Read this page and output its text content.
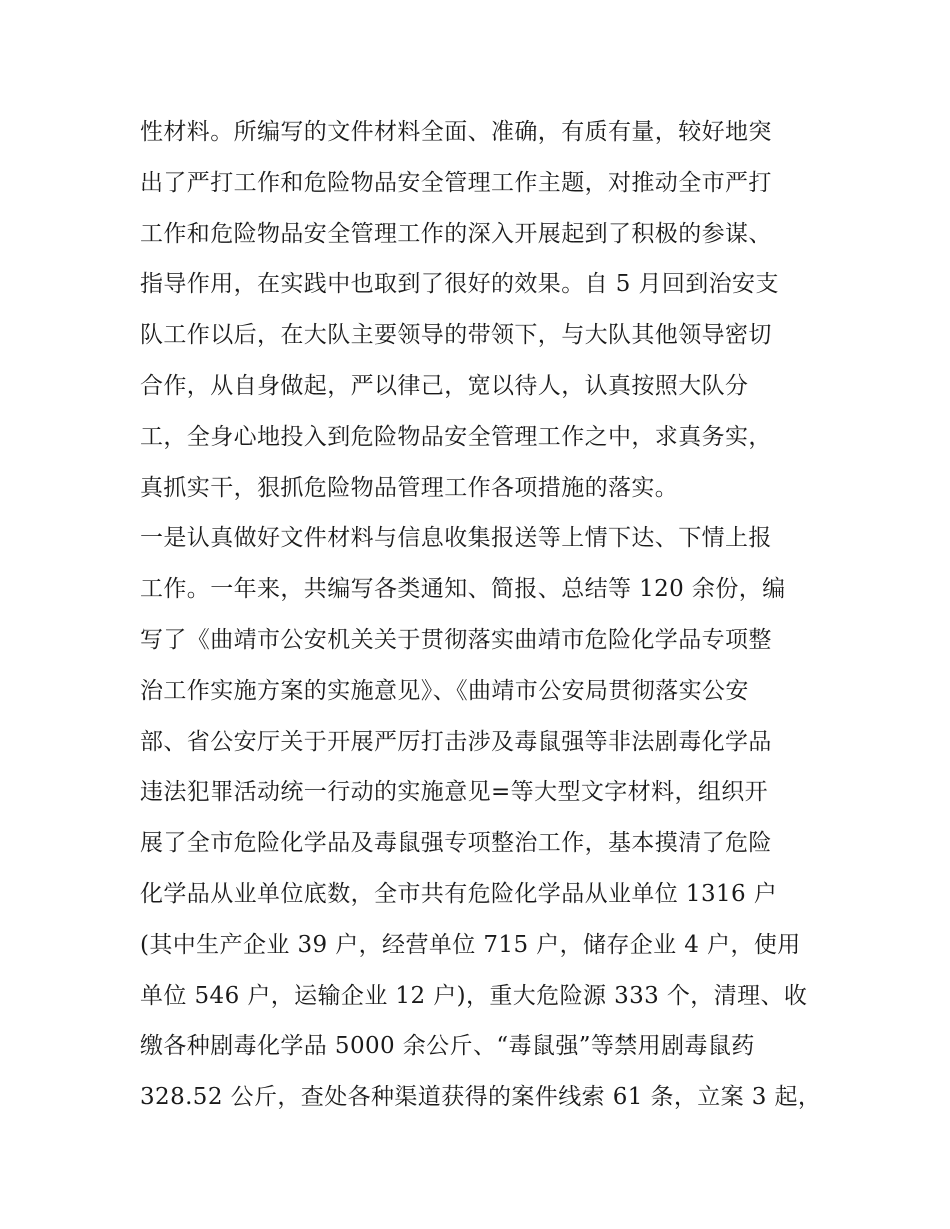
性材料。所编写的文件材料全面、准确，有质有量，较好地突
出了严打工作和危险物品安全管理工作主题，对推动全市严打
工作和危险物品安全管理工作的深入开展起到了积极的参谋、
指导作用，在实践中也取到了很好的效果。自 5 月回到治安支
队工作以后，在大队主要领导的带领下，与大队其他领导密切
合作，从自身做起，严以律己，宽以待人，认真按照大队分
工，全身心地投入到危险物品安全管理工作之中，求真务实，
真抓实干，狠抓危险物品管理工作各项措施的落实。
一是认真做好文件材料与信息收集报送等上情下达、下情上报
工作。一年来，共编写各类通知、简报、总结等 120 余份，编
写了《曲靖市公安机关关于贯彻落实曲靖市危险化学品专项整
治工作实施方案的实施意见》、《曲靖市公安局贯彻落实公安
部、省公安厅关于开展严厉打击涉及毒鼠强等非法剧毒化学品
违法犯罪活动统一行动的实施意见=等大型文字材料，组织开
展了全市危险化学品及毒鼠强专项整治工作，基本摸清了危险
化学品从业单位底数，全市共有危险化学品从业单位 1316 户
(其中生产企业 39 户，经营单位 715 户，储存企业 4 户，使用
单位 546 户，运输企业 12 户)，重大危险源 333 个，清理、收
缴各种剧毒化学品 5000 余公斤、“毒鼠强”等禁用剧毒鼠药
328.52 公斤，查处各种渠道获得的案件线索 61 条，立案 3 起，
